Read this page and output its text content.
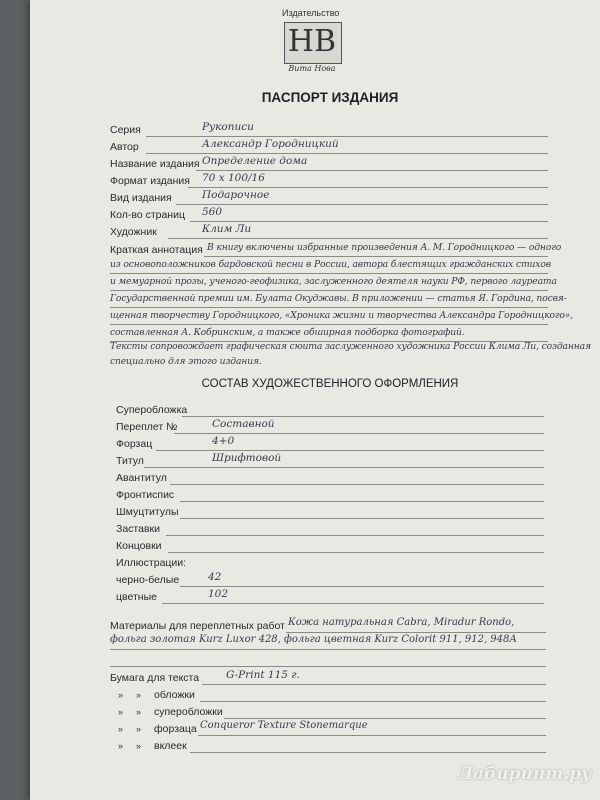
Издательство
НВ
Вита Нова
ПАСПОРТ ИЗДАНИЯ
Серия	Рукописи
Автор	Александр Городницкий
Название издания Определение дома
Формат издания 70 x 100/16
Вид издания	Подарочное
Кол-во страниц 560
Художник	Клим Ли
Краткая аннотация В книгу включены избранные произведения А. М. Городницкого — одного
из основоположников бардовской песни в России, автора блестящих гражданских стихов
и мемуарной прозы, ученого-геофизика, заслуженного деятеля науки РФ, первого лауреата
Государственной премии им. Булата Окуджавы. В приложении — статья Я. Гордина, посвя-
щенная творчеству Городницкого, «Хроника жизни и творчества Александра Городницкого»,
составленная А. Кобринским, а также обширная подборка фотографий.
Тексты сопровождает графическая сюита заслуженного художника России Клима Ли, созданная
специально для этого издания.
СОСТАВ ХУДОЖЕСТВЕННОГО ОФОРМЛЕНИЯ
Суперобложка
Переплет №	Составной
Форзац	4+0
Титул	Шрифтовой
Авантитул
Фронтиспис
Шмуцтитулы
Заставки
Концовки
Иллюстрации:
черно-белые	42
цветные	102
Материалы для переплетных работ Кожа натуральная Cabra, Miradur Rondo,
фольга золотая Kurz Luxor 428, фольга цветная Kurz Colorit 911, 912, 948А
Бумага для текста	G-Print 115 г.
» » обложки
» » суперобложки
» » форзаца Conqueror Texture Stonemarque
» » вклеек
Лабиринт.ру
